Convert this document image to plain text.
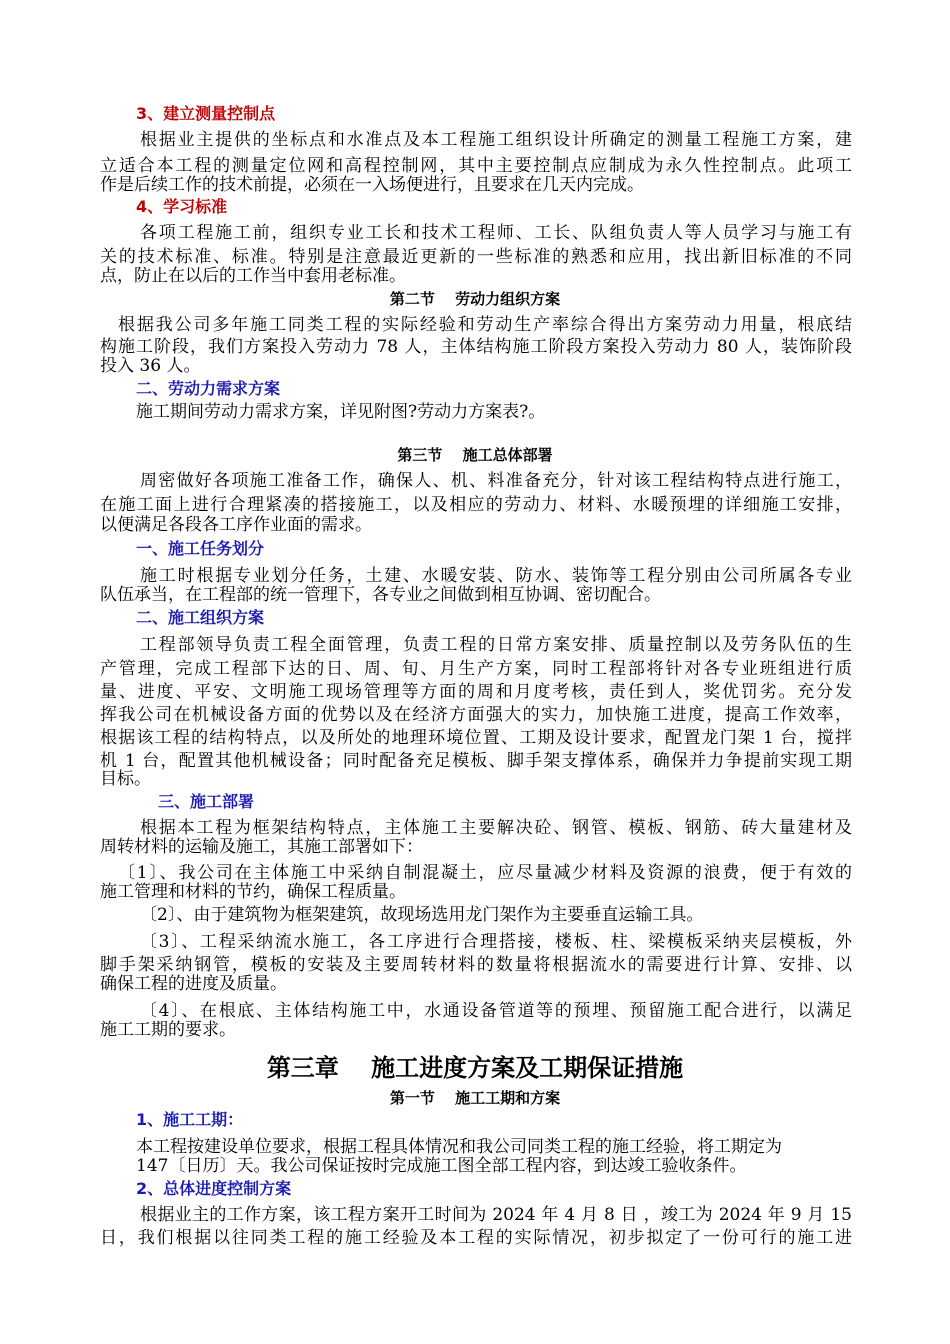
3、建立测量控制点
根据业主提供的坐标点和水准点及本工程施工组织设计所确定的测量工程施工方案，建
立适合本工程的测量定位网和高程控制网，其中主要控制点应制成为永久性控制点。此项工
作是后续工作的技术前提，必须在一入场便进行，且要求在几天内完成。
4、学习标准
各项工程施工前，组织专业工长和技术工程师、工长、队组负责人等人员学习与施工有
关的技术标准、标准。特别是注意最近更新的一些标准的熟悉和应用，找出新旧标准的不同
点，防止在以后的工作当中套用老标准。
第二节　 劳动力组织方案
根据我公司多年施工同类工程的实际经验和劳动生产率综合得出方案劳动力用量，根底结
构施工阶段，我们方案投入劳动力 78 人，主体结构施工阶段方案投入劳动力 80 人，装饰阶段
投入 36 人。
二、劳动力需求方案
施工期间劳动力需求方案，详见附图?劳动力方案表?。
第三节　 施工总体部署
周密做好各项施工准备工作，确保人、机、料准备充分，针对该工程结构特点进行施工，
在施工面上进行合理紧凑的搭接施工，以及相应的劳动力、材料、水暖预埋的详细施工安排，
以便满足各段各工序作业面的需求。
一、施工任务划分
施工时根据专业划分任务，土建、水暖安装、防水、装饰等工程分别由公司所属各专业
队伍承当，在工程部的统一管理下，各专业之间做到相互协调、密切配合。
二、施工组织方案
工程部领导负责工程全面管理，负责工程的日常方案安排、质量控制以及劳务队伍的生
产管理，完成工程部下达的日、周、旬、月生产方案，同时工程部将针对各专业班组进行质
量、进度、平安、文明施工现场管理等方面的周和月度考核，责任到人，奖优罚劣。充分发
挥我公司在机械设备方面的优势以及在经济方面强大的实力，加快施工进度，提高工作效率，
根据该工程的结构特点，以及所处的地理环境位置、工期及设计要求，配置龙门架 1 台，搅拌
机 1 台，配置其他机械设备；同时配备充足模板、脚手架支撑体系，确保并力争提前实现工期
目标。
三、施工部署
根据本工程为框架结构特点，主体施工主要解决砼、钢管、模板、钢筋、砖大量建材及
周转材料的运输及施工，其施工部署如下：
〔1〕、我公司在主体施工中采纳自制混凝土，应尽量减少材料及资源的浪费，便于有效的
施工管理和材料的节约，确保工程质量。
〔2〕、由于建筑物为框架建筑，故现场选用龙门架作为主要垂直运输工具。
〔3〕、工程采纳流水施工，各工序进行合理搭接，楼板、柱、梁模板采纳夹层模板，外
脚手架采纳钢管，模板的安装及主要周转材料的数量将根据流水的需要进行计算、安排、以
确保工程的进度及质量。
〔4〕、在根底、主体结构施工中，水通设备管道等的预埋、预留施工配合进行，以满足
施工工期的要求。
第三章　 施工进度方案及工期保证措施
第一节　 施工工期和方案
1、施工工期：
本工程按建设单位要求，根据工程具体情况和我公司同类工程的施工经验，将工期定为
147〔日历〕天。我公司保证按时完成施工图全部工程内容，到达竣工验收条件。
2、总体进度控制方案
根据业主的工作方案，该工程方案开工时间为 2024 年 4 月 8 日 ，竣工为 2024 年 9 月 15
日，我们根据以往同类工程的施工经验及本工程的实际情况，初步拟定了一份可行的施工进
